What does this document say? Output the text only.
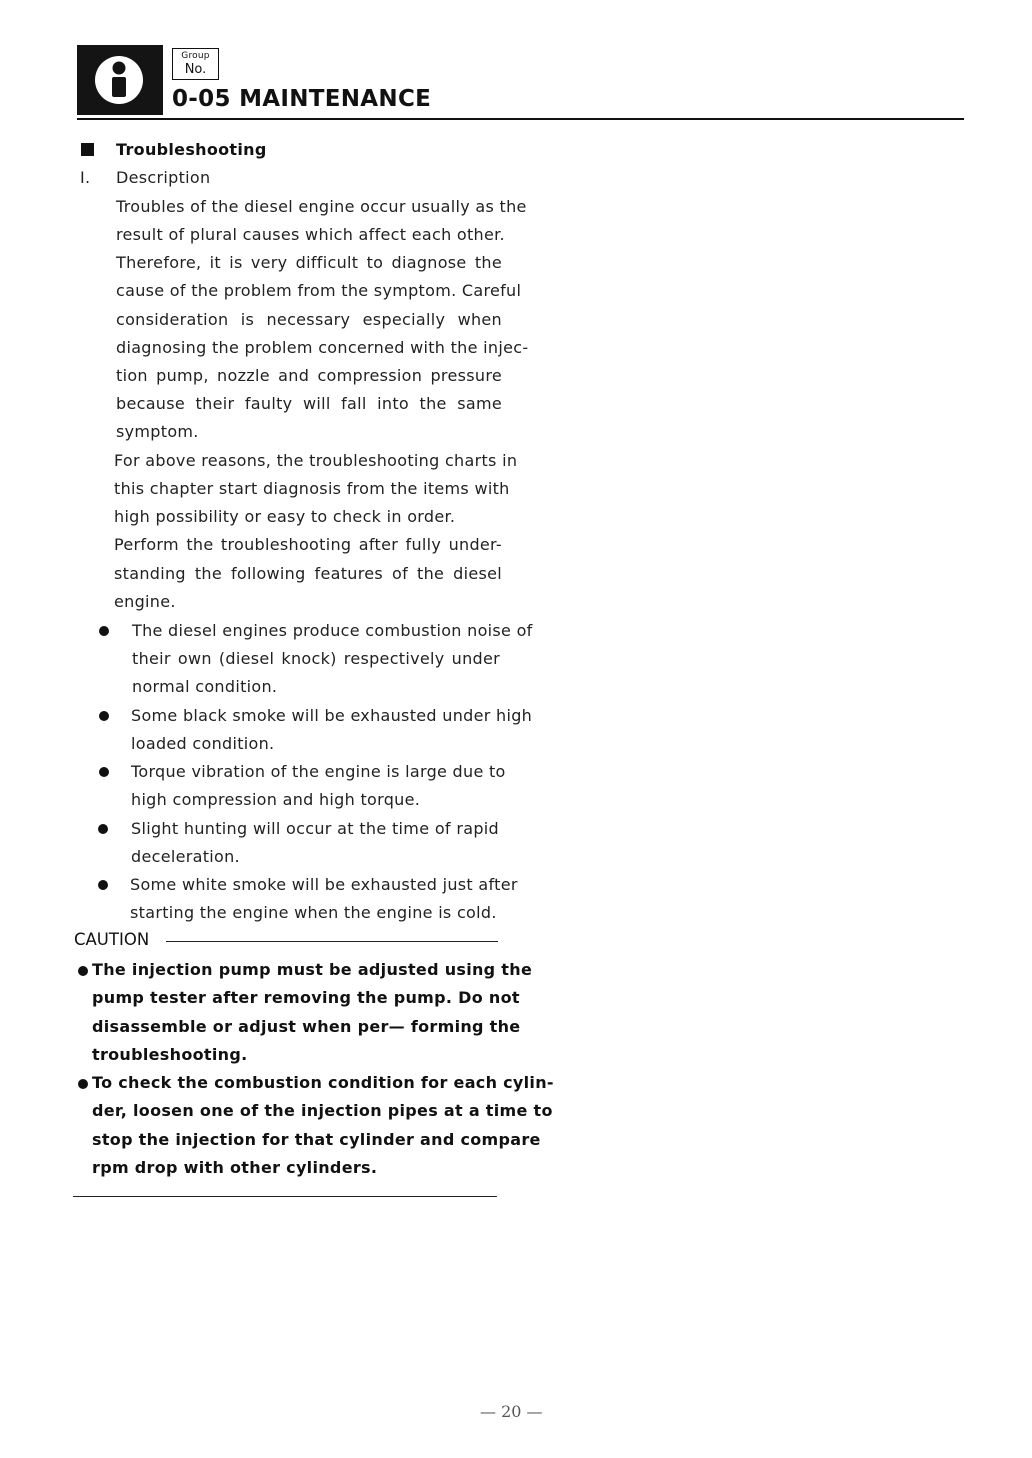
Group
No.
0-05 MAINTENANCE
Troubleshooting
I. Description
Troubles of the diesel engine occur usually as the
result of plural causes which affect each other.
Therefore, it is very difficult to diagnose the
cause of the problem from the symptom. Careful
consideration is necessary especially when
diagnosing the problem concerned with the injec-
tion pump, nozzle and compression pressure
because their faulty will fall into the same
symptom.
For above reasons, the troubleshooting charts in
this chapter start diagnosis from the items with
high possibility or easy to check in order.
Perform the troubleshooting after fully under-
standing the following features of the diesel
engine.
The diesel engines produce combustion noise of
their own (diesel knock) respectively under
normal condition.
Some black smoke will be exhausted under high
loaded condition.
Torque vibration of the engine is large due to
high compression and high torque.
Slight hunting will occur at the time of rapid
deceleration.
Some white smoke will be exhausted just after
starting the engine when the engine is cold.
CAUTION
The injection pump must be adjusted using the
pump tester after removing the pump. Do not
disassemble or adjust when per— forming the
troubleshooting.
To check the combustion condition for each cylin-
der, loosen one of the injection pipes at a time to
stop the injection for that cylinder and compare
rpm drop with other cylinders.
— 20 —
